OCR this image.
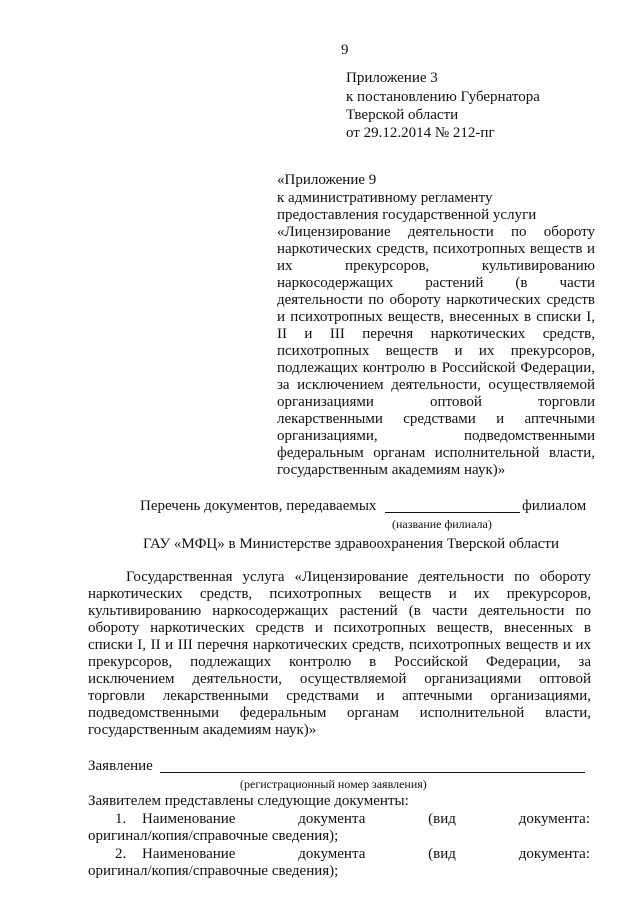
9
Приложение 3
к постановлению Губернатора
Тверской области
от 29.12.2014 № 212-пг
«Приложение 9
к административному регламенту
предоставления государственной услуги
«Лицензирование деятельности по обороту
наркотических средств, психотропных веществ и
их прекурсоров, культивированию
наркосодержащих растений (в части
деятельности по обороту наркотических средств
и психотропных веществ, внесенных в списки I,
II и III перечня наркотических средств,
психотропных веществ и их прекурсоров,
подлежащих контролю в Российской Федерации,
за исключением деятельности, осуществляемой
организациями оптовой торговли
лекарственными средствами и аптечными
организациями, подведомственными
федеральным органам исполнительной власти,
государственным академиям наук)»
Перечень документов, передаваемых	филиалом
(название филиала)
ГАУ «МФЦ» в Министерстве здравоохранения Тверской области
Государственная услуга «Лицензирование деятельности по обороту
наркотических средств, психотропных веществ и их прекурсоров,
культивированию наркосодержащих растений (в части деятельности по
обороту наркотических средств и психотропных веществ, внесенных в
списки I, II и III перечня наркотических средств, психотропных веществ и их
прекурсоров, подлежащих контролю в Российской Федерации, за
исключением деятельности, осуществляемой организациями оптовой
торговли лекарственными средствами и аптечными организациями,
подведомственными федеральным органам исполнительной власти,
государственным академиям наук)»
Заявление
(регистрационный номер заявления)
Заявителем представлены следующие документы:
1. Наименование документа (вид документа:
оригинал/копия/справочные сведения);
2. Наименование документа (вид документа:
оригинал/копия/справочные сведения);
